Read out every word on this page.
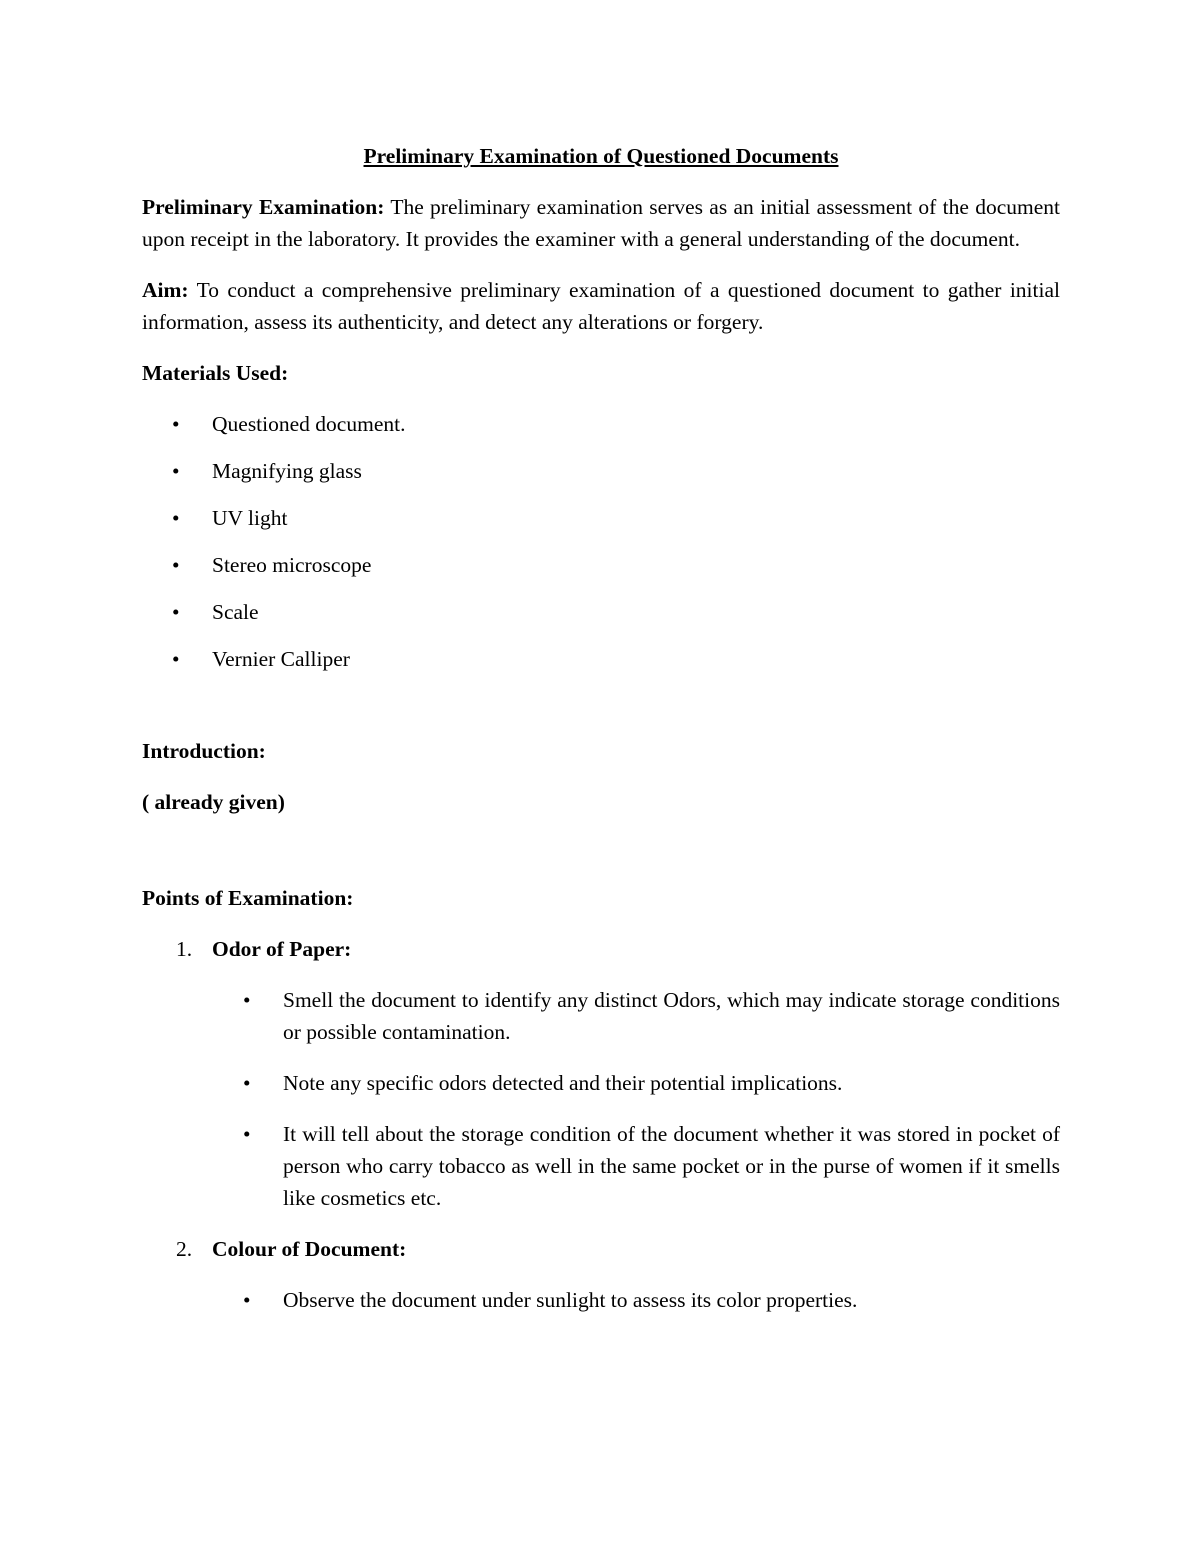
Preliminary Examination of Questioned Documents

Preliminary Examination: The preliminary examination serves as an initial assessment of the document upon receipt in the laboratory. It provides the examiner with a general understanding of the document.

Aim: To conduct a comprehensive preliminary examination of a questioned document to gather initial information, assess its authenticity, and detect any alterations or forgery.

Materials Used:
• Questioned document.
• Magnifying glass
• UV light
• Stereo microscope
• Scale
• Vernier Calliper
Introduction:
( already given)
Points of Examination:
1. Odor of Paper:
• Smell the document to identify any distinct Odors, which may indicate storage conditions or possible contamination.
• Note any specific odors detected and their potential implications.
• It will tell about the storage condition of the document whether it was stored in pocket of person who carry tobacco as well in the same pocket or in the purse of women if it smells like cosmetics etc.
2. Colour of Document:
• Observe the document under sunlight to assess its color properties.
